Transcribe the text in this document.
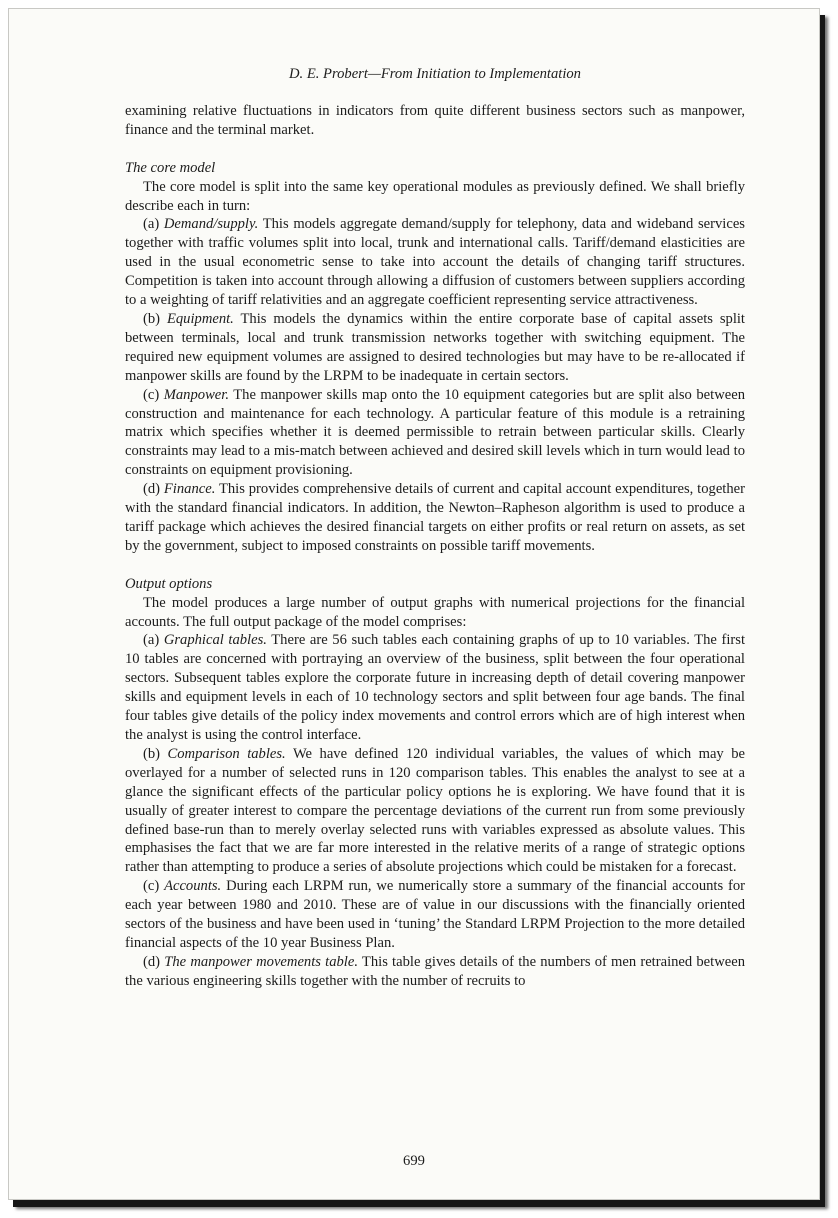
D. E. Probert—From Initiation to Implementation

examining relative fluctuations in indicators from quite different business sectors such as manpower, finance and the terminal market.

The core model

The core model is split into the same key operational modules as previously defined. We shall briefly describe each in turn:

(a) Demand/supply. This models aggregate demand/supply for telephony, data and wideband services together with traffic volumes split into local, trunk and international calls. Tariff/demand elasticities are used in the usual econometric sense to take into account the details of changing tariff structures. Competition is taken into account through allowing a diffusion of customers between suppliers according to a weighting of tariff relativities and an aggregate coefficient representing service attractiveness.

(b) Equipment. This models the dynamics within the entire corporate base of capital assets split between terminals, local and trunk transmission networks together with switching equipment. The required new equipment volumes are assigned to desired technologies but may have to be re-allocated if manpower skills are found by the LRPM to be inadequate in certain sectors.

(c) Manpower. The manpower skills map onto the 10 equipment categories but are split also between construction and maintenance for each technology. A particular feature of this module is a retraining matrix which specifies whether it is deemed permissible to retrain between particular skills. Clearly constraints may lead to a mis-match between achieved and desired skill levels which in turn would lead to constraints on equipment provisioning.

(d) Finance. This provides comprehensive details of current and capital account expenditures, together with the standard financial indicators. In addition, the Newton–Rapheson algorithm is used to produce a tariff package which achieves the desired financial targets on either profits or real return on assets, as set by the government, subject to imposed constraints on possible tariff movements.

Output options

The model produces a large number of output graphs with numerical projections for the financial accounts. The full output package of the model comprises:

(a) Graphical tables. There are 56 such tables each containing graphs of up to 10 variables. The first 10 tables are concerned with portraying an overview of the business, split between the four operational sectors. Subsequent tables explore the corporate future in increasing depth of detail covering manpower skills and equipment levels in each of 10 technology sectors and split between four age bands. The final four tables give details of the policy index movements and control errors which are of high interest when the analyst is using the control interface.

(b) Comparison tables. We have defined 120 individual variables, the values of which may be overlayed for a number of selected runs in 120 comparison tables. This enables the analyst to see at a glance the significant effects of the particular policy options he is exploring. We have found that it is usually of greater interest to compare the percentage deviations of the current run from some previously defined base-run than to merely overlay selected runs with variables expressed as absolute values. This emphasises the fact that we are far more interested in the relative merits of a range of strategic options rather than attempting to produce a series of absolute projections which could be mistaken for a forecast.

(c) Accounts. During each LRPM run, we numerically store a summary of the financial accounts for each year between 1980 and 2010. These are of value in our discussions with the financially oriented sectors of the business and have been used in ‘tuning’ the Standard LRPM Projection to the more detailed financial aspects of the 10 year Business Plan.

(d) The manpower movements table. This table gives details of the numbers of men retrained between the various engineering skills together with the number of recruits to

699
